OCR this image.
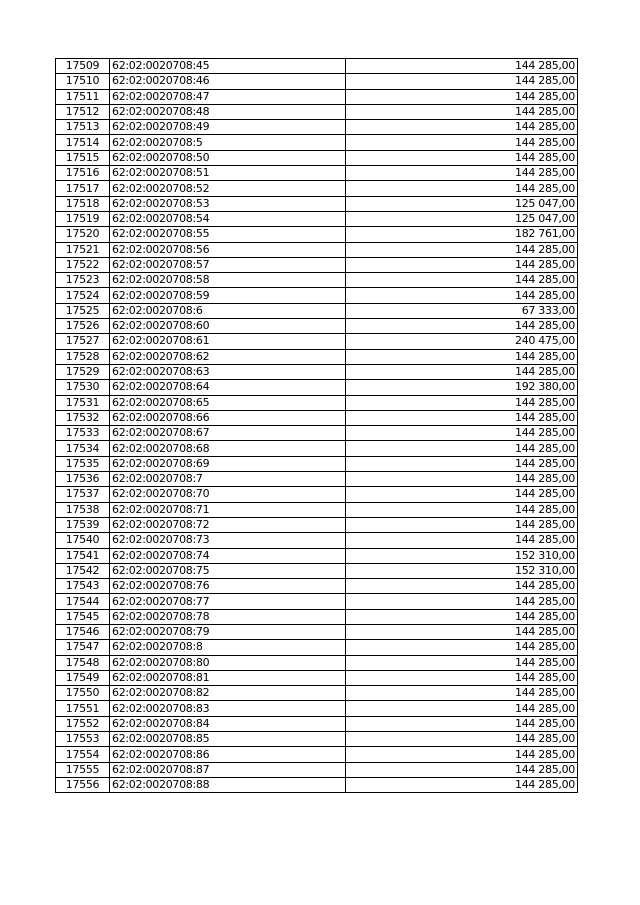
17509	62:02:0020708:45	144 285,00
17510	62:02:0020708:46	144 285,00
17511	62:02:0020708:47	144 285,00
17512	62:02:0020708:48	144 285,00
17513	62:02:0020708:49	144 285,00
17514	62:02:0020708:5	144 285,00
17515	62:02:0020708:50	144 285,00
17516	62:02:0020708:51	144 285,00
17517	62:02:0020708:52	144 285,00
17518	62:02:0020708:53	125 047,00
17519	62:02:0020708:54	125 047,00
17520	62:02:0020708:55	182 761,00
17521	62:02:0020708:56	144 285,00
17522	62:02:0020708:57	144 285,00
17523	62:02:0020708:58	144 285,00
17524	62:02:0020708:59	144 285,00
17525	62:02:0020708:6	67 333,00
17526	62:02:0020708:60	144 285,00
17527	62:02:0020708:61	240 475,00
17528	62:02:0020708:62	144 285,00
17529	62:02:0020708:63	144 285,00
17530	62:02:0020708:64	192 380,00
17531	62:02:0020708:65	144 285,00
17532	62:02:0020708:66	144 285,00
17533	62:02:0020708:67	144 285,00
17534	62:02:0020708:68	144 285,00
17535	62:02:0020708:69	144 285,00
17536	62:02:0020708:7	144 285,00
17537	62:02:0020708:70	144 285,00
17538	62:02:0020708:71	144 285,00
17539	62:02:0020708:72	144 285,00
17540	62:02:0020708:73	144 285,00
17541	62:02:0020708:74	152 310,00
17542	62:02:0020708:75	152 310,00
17543	62:02:0020708:76	144 285,00
17544	62:02:0020708:77	144 285,00
17545	62:02:0020708:78	144 285,00
17546	62:02:0020708:79	144 285,00
17547	62:02:0020708:8	144 285,00
17548	62:02:0020708:80	144 285,00
17549	62:02:0020708:81	144 285,00
17550	62:02:0020708:82	144 285,00
17551	62:02:0020708:83	144 285,00
17552	62:02:0020708:84	144 285,00
17553	62:02:0020708:85	144 285,00
17554	62:02:0020708:86	144 285,00
17555	62:02:0020708:87	144 285,00
17556	62:02:0020708:88	144 285,00
